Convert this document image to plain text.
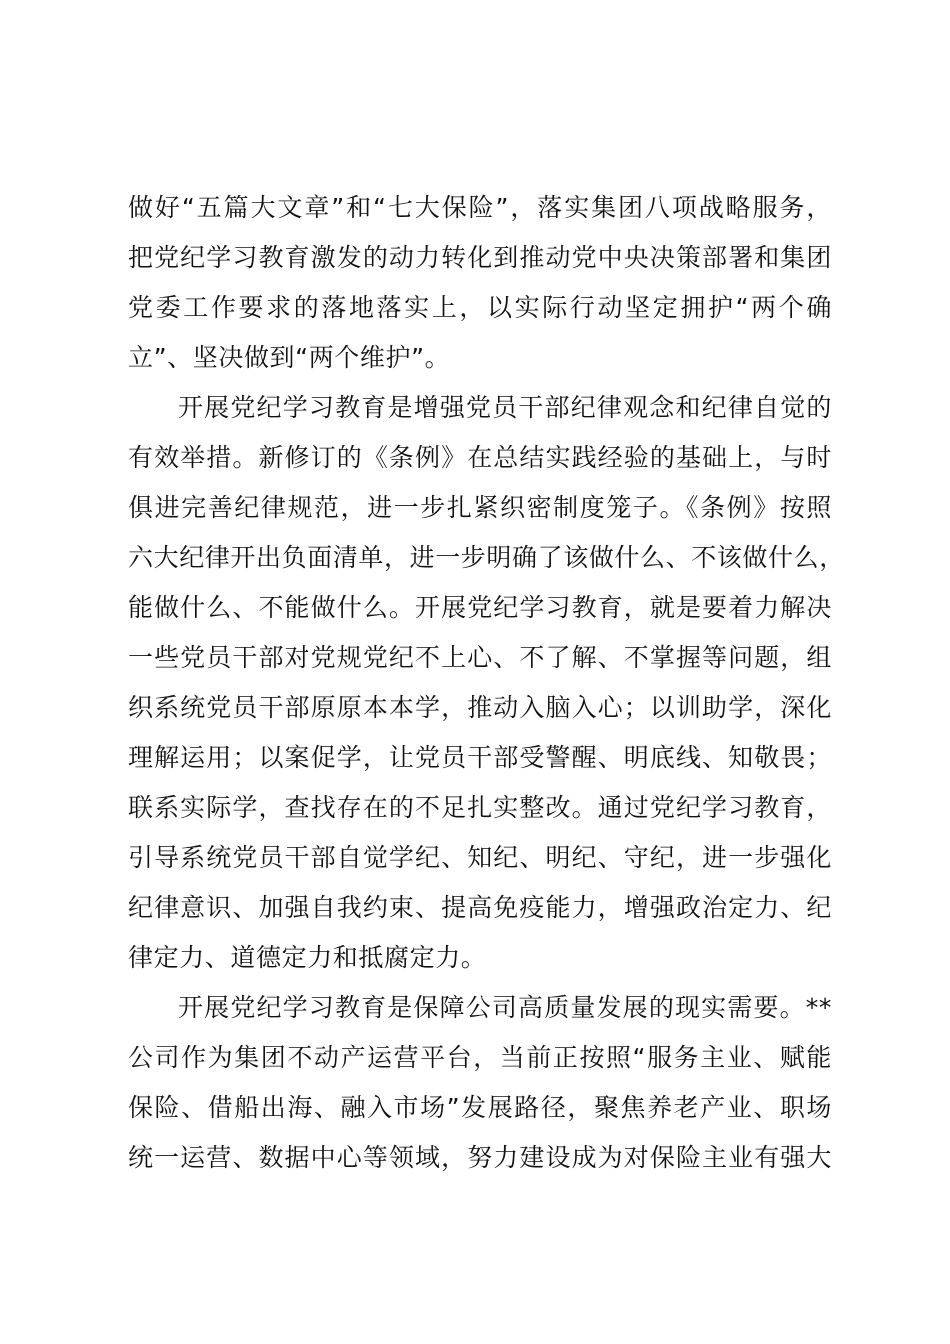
做好“五篇大文章”和“七大保险”，落实集团八项战略服务，
把党纪学习教育激发的动力转化到推动党中央决策部署和集团
党委工作要求的落地落实上，以实际行动坚定拥护“两个确
立”、坚决做到“两个维护”。
开展党纪学习教育是增强党员干部纪律观念和纪律自觉的
有效举措。新修订的《条例》在总结实践经验的基础上，与时
俱进完善纪律规范，进一步扎紧织密制度笼子。《条例》按照
六大纪律开出负面清单，进一步明确了该做什么、不该做什么，
能做什么、不能做什么。开展党纪学习教育，就是要着力解决
一些党员干部对党规党纪不上心、不了解、不掌握等问题，组
织系统党员干部原原本本学，推动入脑入心；以训助学，深化
理解运用；以案促学，让党员干部受警醒、明底线、知敬畏；
联系实际学，查找存在的不足扎实整改。通过党纪学习教育，
引导系统党员干部自觉学纪、知纪、明纪、守纪，进一步强化
纪律意识、加强自我约束、提高免疫能力，增强政治定力、纪
律定力、道德定力和抵腐定力。
开展党纪学习教育是保障公司高质量发展的现实需要。**
公司作为集团不动产运营平台，当前正按照“服务主业、赋能
保险、借船出海、融入市场”发展路径，聚焦养老产业、职场
统一运营、数据中心等领域，努力建设成为对保险主业有强大
